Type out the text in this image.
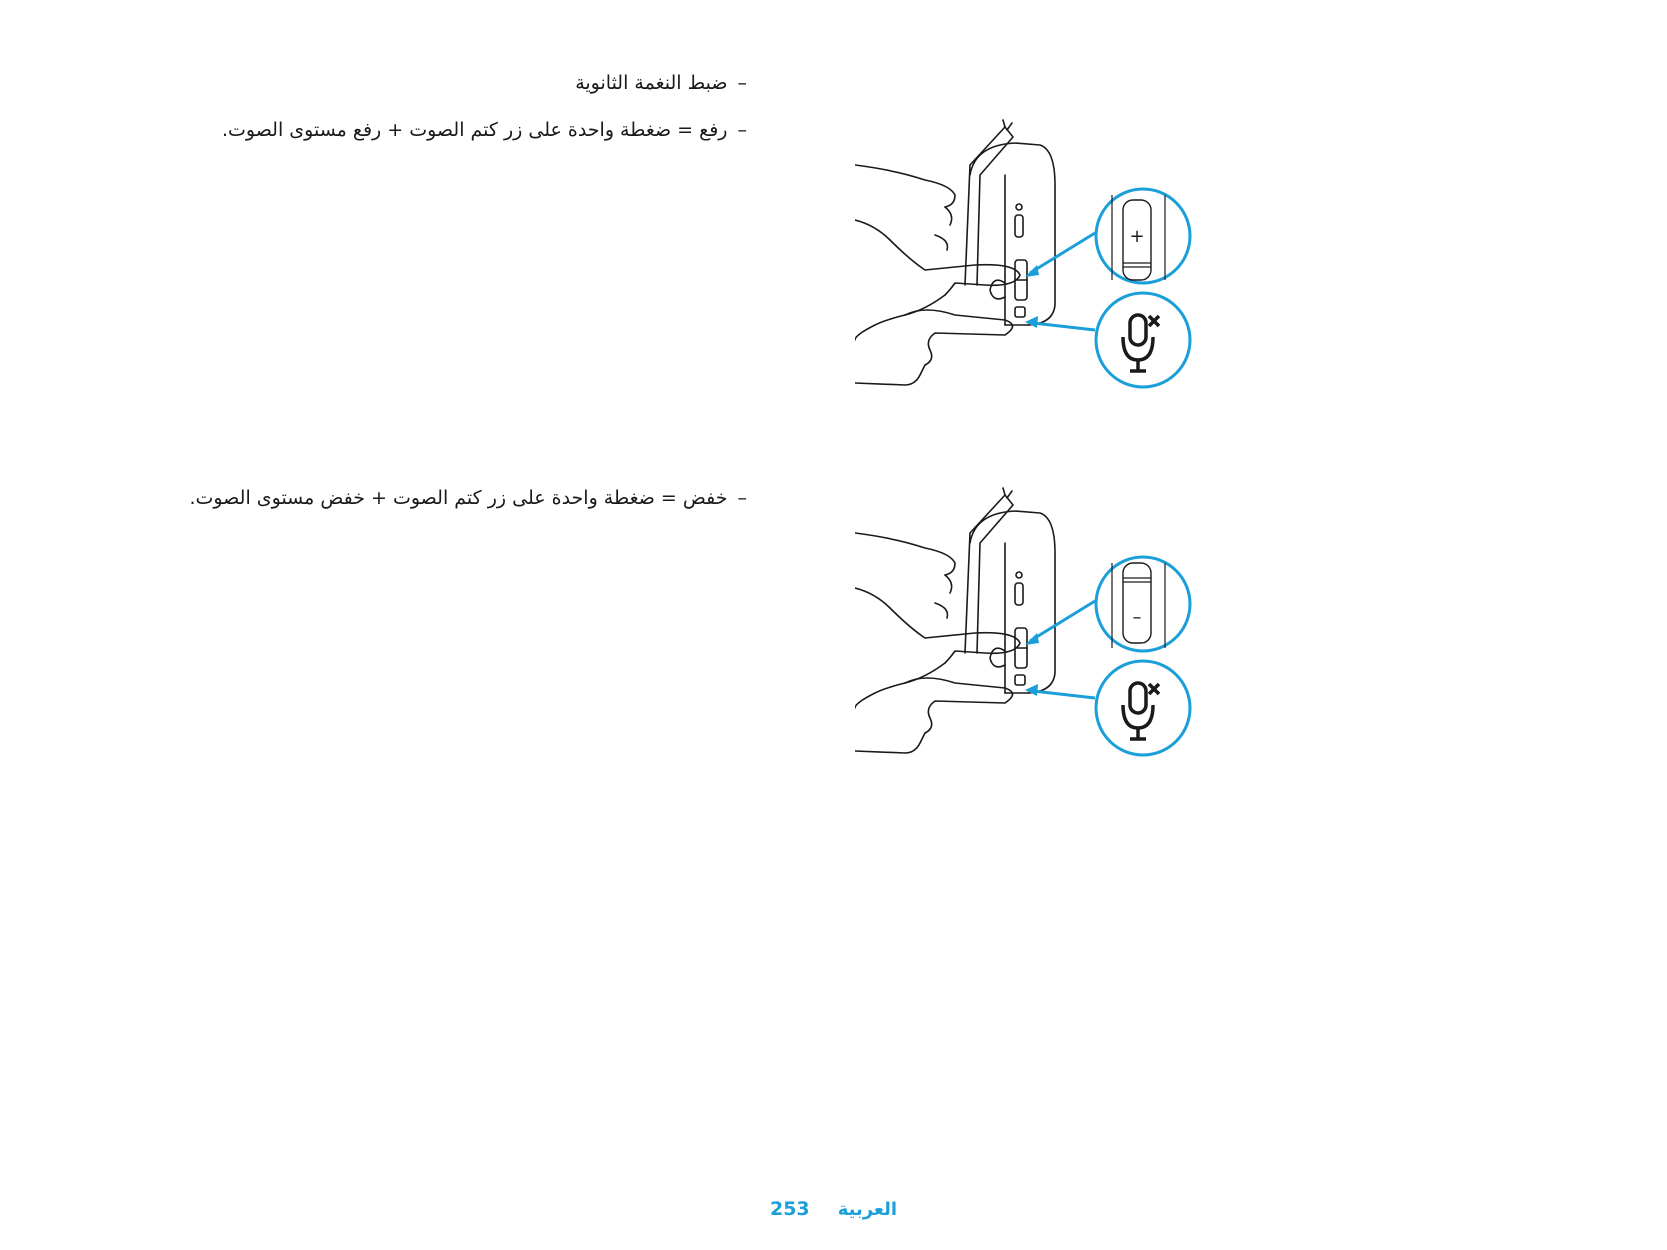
–ضبط النغمة الثانوية
–رفع = ضغطة واحدة على زر كتم الصوت + رفع مستوى الصوت.
–خفض = ضغطة واحدة على زر كتم الصوت + خفض مستوى الصوت.
+
–
253 العربية
